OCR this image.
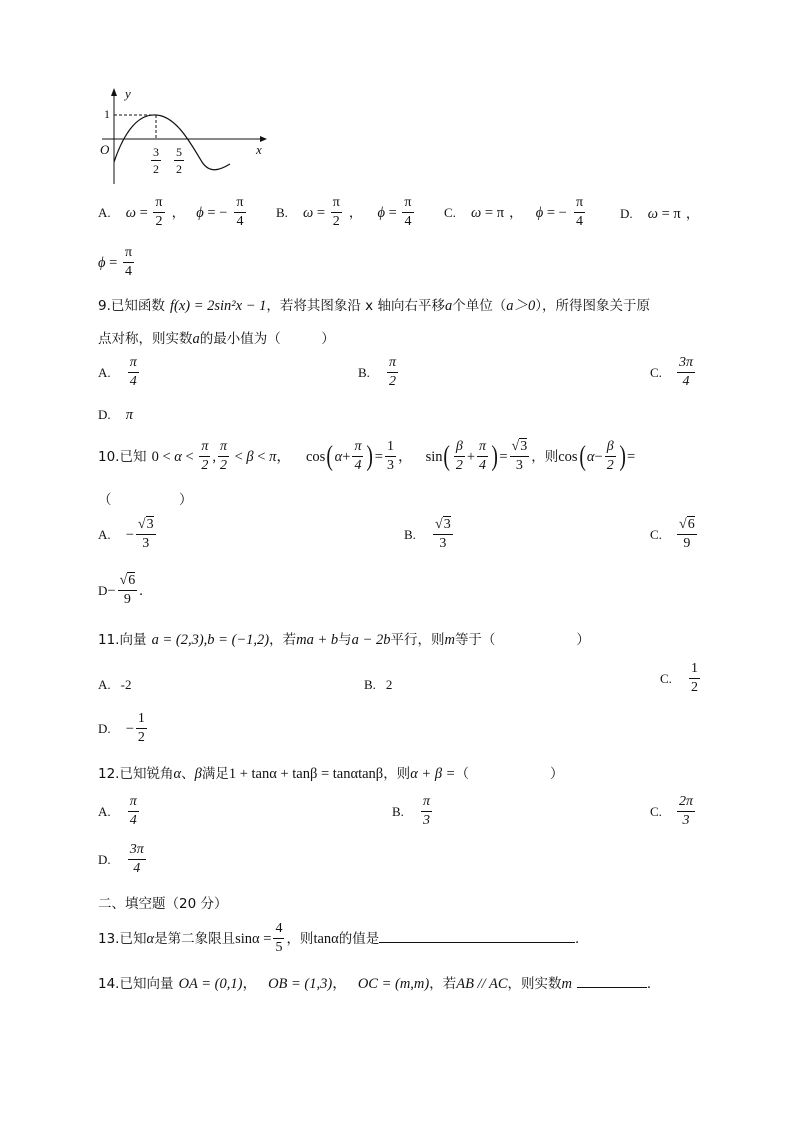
y
x
O
1
$\frac{3}{2} \frac{5}{2}$
A. $\omega = \frac{\pi}{2}$ ， ϕ = − $\frac{\pi}{4} B$. $\omega = \frac{\pi}{2}$ ， $\phi = \frac{\pi}{4} C$. ω = π ， ϕ = − $\frac{\pi}{4}$	D. ω = π ，
$\phi = \frac{\pi}{4}$
9.已知函数 f(x) = 2sin²x − 1，若将其图象沿 x 轴向右平移a个单位（a＞0），所得图象关于原
点对称，则实数a的最小值为（　　　）
A. $\frac{\pi}{4}$	B. $\frac{\pi}{2}$	C. $\frac{3\pi}{4}$
D. π
10.已知 $0 < \alpha < \frac{\pi}{2}$ , $\frac{\pi}{2} < \beta < \pi$， $\cos(\alpha+ \frac{\pi}{4}$ )= $\frac{1}{3}$ ， $\sin( \frac{\beta}{2} + \frac{\pi}{4}$ )= $\frac{√3}{3}$ ，则$\cos(\alpha- \frac{\beta}{2}$ )=
（　　　　　）
A. − $\frac{√3}{3}$	B. $\frac{√3}{3}$	C. $\frac{√6}{9}$
$D- \frac{√6}{9}$ .
11.向量 a = (2,3),b = (−1,2)，若ma + b与a − 2b平行，则m等于（　　　　　　）
A. -2	B. 2	C. $\frac{1}{2}$
D. − $\frac{1}{2}$
12.已知锐角α、β满足1 + tanα + tanβ = tanαtanβ，则α + β =（　　　　　　）
A. $\frac{\pi}{4}$	B. $\frac{\pi}{3}$	C. $\frac{2\pi}{3}$
D. $\frac{3\pi}{4}$
二、填空题（20 分）
13.已知α是第二象限且$\sin\alpha = \frac{4}{5}$ ，则tanα的值是	.
14.已知向量 OA = (0,1)， OB = (1,3)， OC = (m,m)，若AB // AC，则实数m	.
